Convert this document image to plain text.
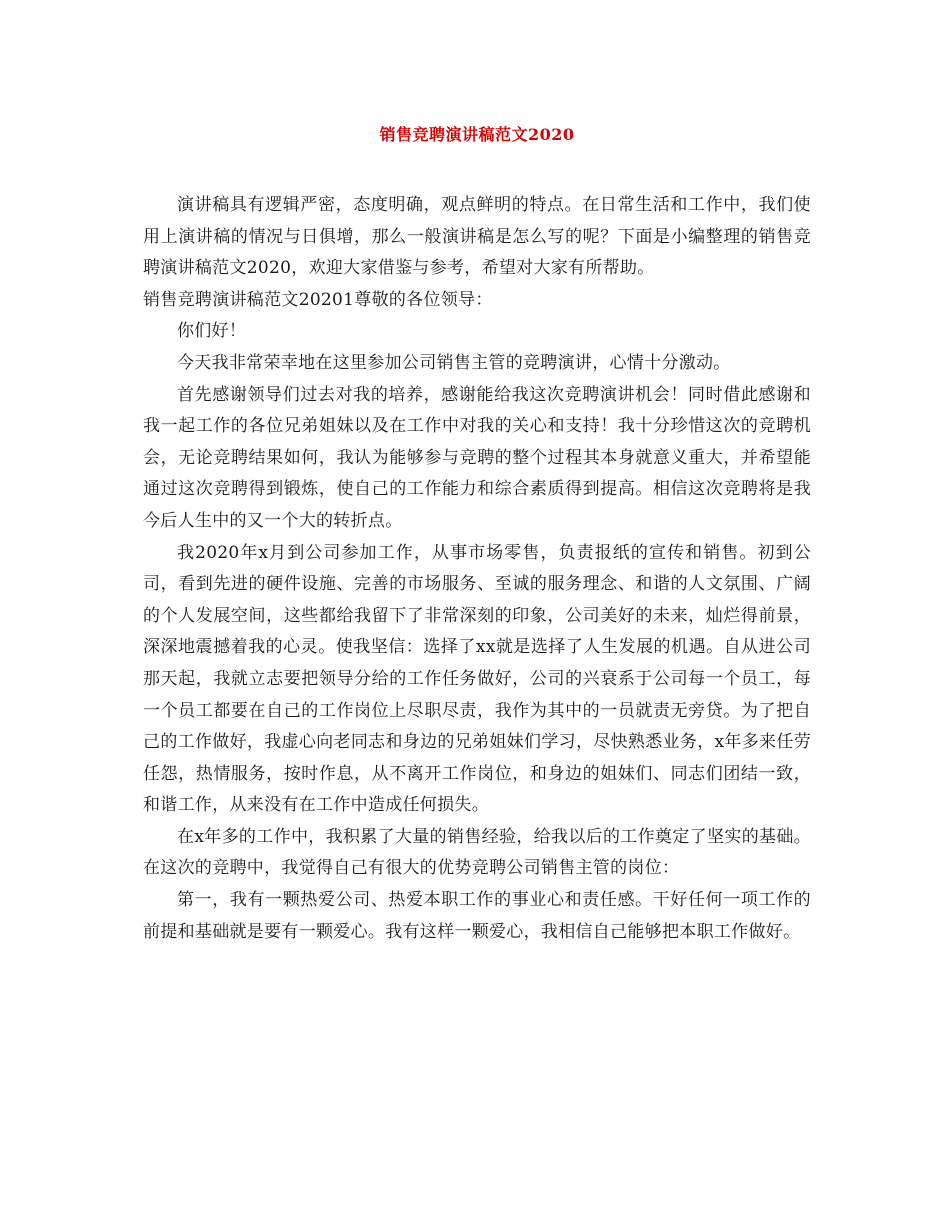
销售竞聘演讲稿范文2020

演讲稿具有逻辑严密，态度明确，观点鲜明的特点。在日常生活和工作中，我们使用上演讲稿的情况与日俱增，那么一般演讲稿是怎么写的呢？下面是小编整理的销售竞聘演讲稿范文2020，欢迎大家借鉴与参考，希望对大家有所帮助。

销售竞聘演讲稿范文20201尊敬的各位领导：

你们好！

今天我非常荣幸地在这里参加公司销售主管的竞聘演讲，心情十分激动。

首先感谢领导们过去对我的培养，感谢能给我这次竞聘演讲机会！同时借此感谢和我一起工作的各位兄弟姐妹以及在工作中对我的关心和支持！我十分珍惜这次的竞聘机会，无论竞聘结果如何，我认为能够参与竞聘的整个过程其本身就意义重大，并希望能通过这次竞聘得到锻炼，使自己的工作能力和综合素质得到提高。相信这次竞聘将是我今后人生中的又一个大的转折点。

我2020年x月到公司参加工作，从事市场零售，负责报纸的宣传和销售。初到公司，看到先进的硬件设施、完善的市场服务、至诚的服务理念、和谐的人文氛围、广阔的个人发展空间，这些都给我留下了非常深刻的印象，公司美好的未来，灿烂得前景，深深地震撼着我的心灵。使我坚信：选择了xx就是选择了人生发展的机遇。自从进公司那天起，我就立志要把领导分给的工作任务做好，公司的兴衰系于公司每一个员工，每一个员工都要在自己的工作岗位上尽职尽责，我作为其中的一员就责无旁贷。为了把自己的工作做好，我虚心向老同志和身边的兄弟姐妹们学习，尽快熟悉业务，x年多来任劳任怨，热情服务，按时作息，从不离开工作岗位，和身边的姐妹们、同志们团结一致，和谐工作，从来没有在工作中造成任何损失。

在x年多的工作中，我积累了大量的销售经验，给我以后的工作奠定了坚实的基础。在这次的竞聘中，我觉得自己有很大的优势竞聘公司销售主管的岗位：

第一，我有一颗热爱公司、热爱本职工作的事业心和责任感。干好任何一项工作的前提和基础就是要有一颗爱心。我有这样一颗爱心，我相信自己能够把本职工作做好。
